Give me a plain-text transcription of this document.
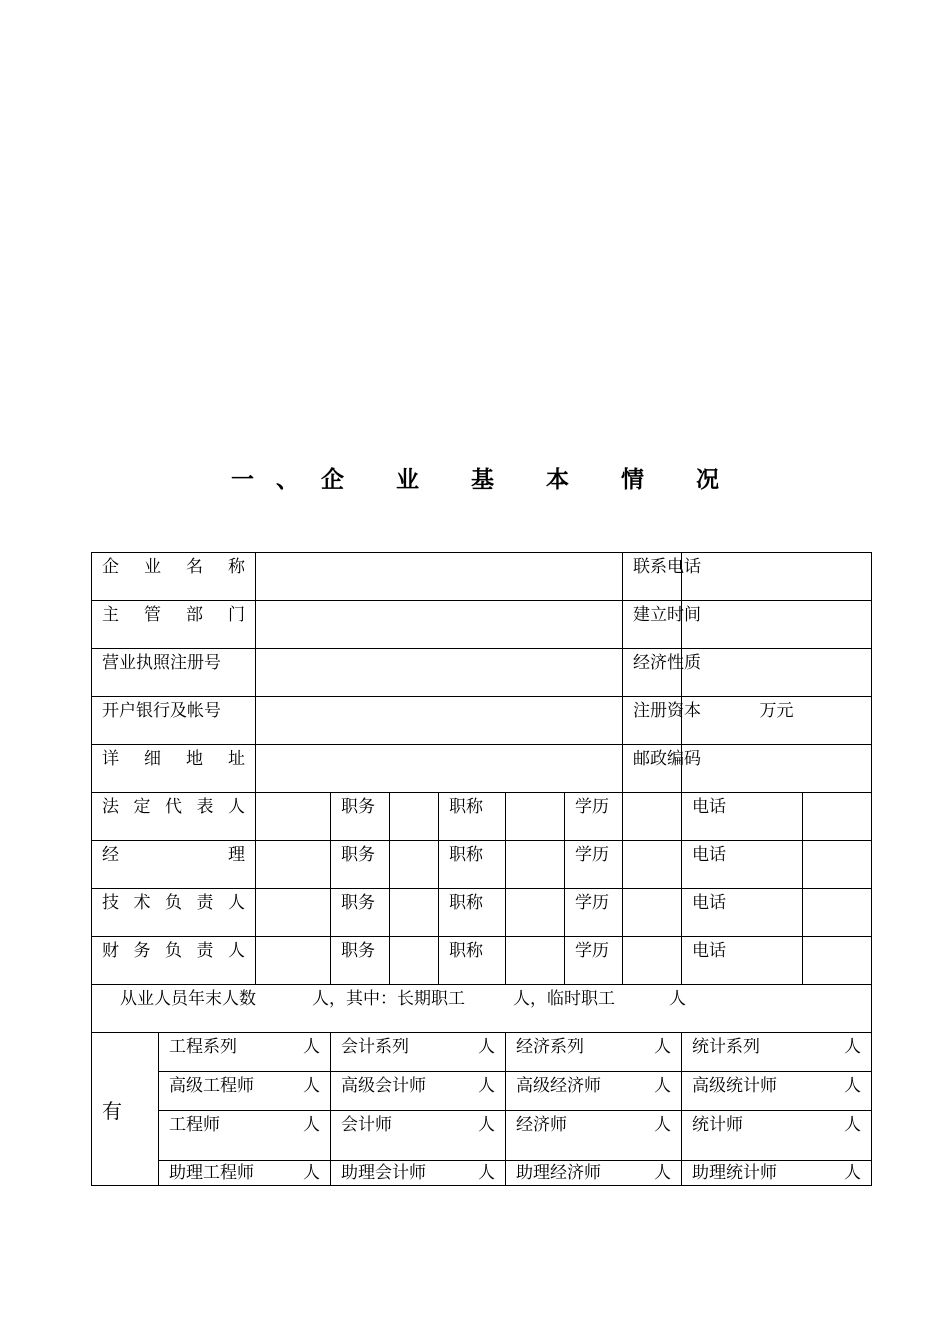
一、企 业 基 本 情 况
企 业 名 称								联系电话		

主 管 部 门								建立时间		
营业执照注册号								经济性质		
开户银行及帐号								注册资本	万元	

详 细 地 址								邮政编码		

法 定 代 表 人			职务		职称		学历		电话	

经 理			职务		职称		学历		电话	

技 术 负 责 人			职务		职称		学历		电话	

财 务 负 责 人			职务		职称		学历		电话	
从业人员年末人数 人，其中：长期职工 人，临时职工 人										
有	工程系列 人		会计系列 人			经济系列 人			统计系列 人	

	高级工程师 人		高级会计师 人			高级经济师 人			高级统计师 人	

	工程师 人		会计师 人			经济师 人			统计师 人	

	助理工程师 人		助理会计师 人			助理经济师 人			助理统计师 人	
